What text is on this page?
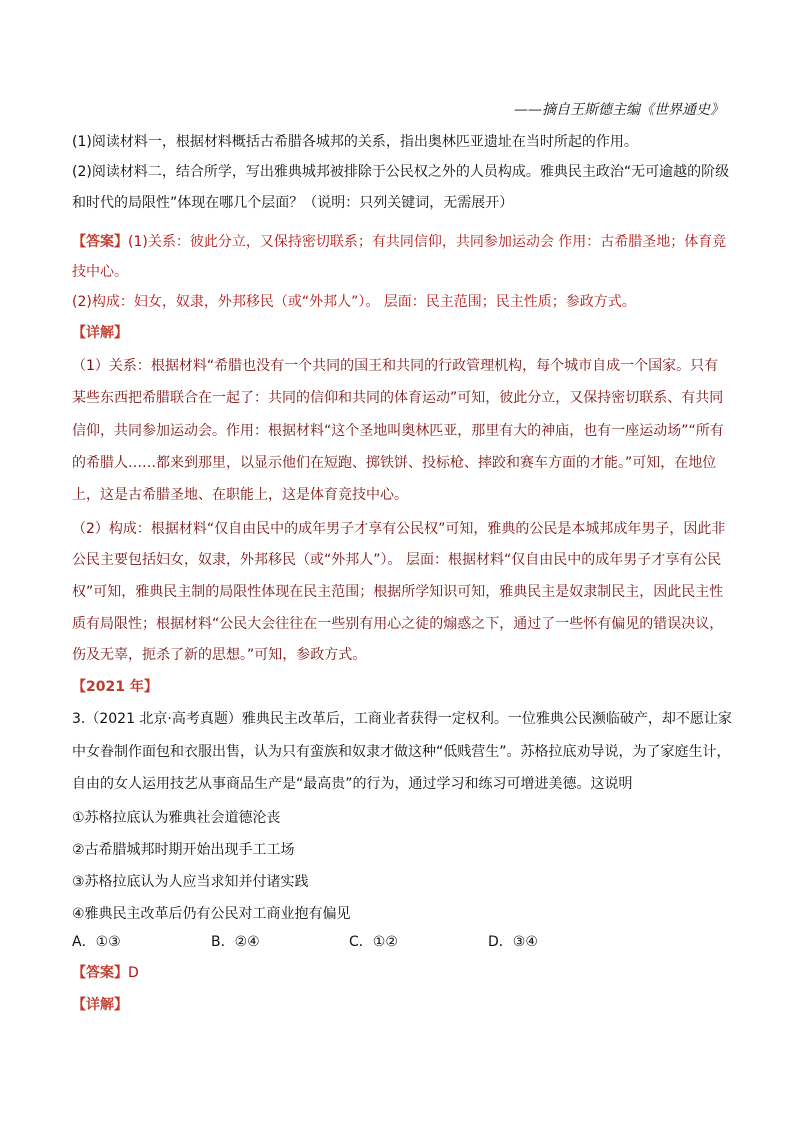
——摘自王斯德主编《世界通史》
(1)阅读材料一，根据材料概括古希腊各城邦的关系，指出奥林匹亚遗址在当时所起的作用。
(2)阅读材料二，结合所学，写出雅典城邦被排除于公民权之外的人员构成。雅典民主政治“无可逾越的阶级
和时代的局限性”体现在哪几个层面？（说明：只列关键词，无需展开）
【答案】(1)关系：彼此分立，又保持密切联系；有共同信仰，共同参加运动会 作用：古希腊圣地；体育竞
技中心。
(2)构成：妇女，奴隶，外邦移民（或“外邦人”）。 层面：民主范围；民主性质；参政方式。
【详解】
（1）关系：根据材料“希腊也没有一个共同的国王和共同的行政管理机构，每个城市自成一个国家。只有
某些东西把希腊联合在一起了：共同的信仰和共同的体育运动”可知，彼此分立，又保持密切联系、有共同
信仰，共同参加运动会。作用：根据材料“这个圣地叫奥林匹亚，那里有大的神庙，也有一座运动场”“所有
的希腊人……都来到那里，以显示他们在短跑、掷铁饼、投标枪、摔跤和赛车方面的才能。”可知，在地位
上，这是古希腊圣地、在职能上，这是体育竞技中心。
（2）构成：根据材料“仅自由民中的成年男子才享有公民权”可知，雅典的公民是本城邦成年男子，因此非
公民主要包括妇女，奴隶，外邦移民（或“外邦人”）。 层面：根据材料“仅自由民中的成年男子才享有公民
权”可知，雅典民主制的局限性体现在民主范围；根据所学知识可知，雅典民主是奴隶制民主，因此民主性
质有局限性；根据材料“公民大会往往在一些别有用心之徒的煽惑之下，通过了一些怀有偏见的错误决议，
伤及无辜，扼杀了新的思想。”可知，参政方式。
【2021 年】
3.（2021 北京·高考真题）雅典民主改革后，工商业者获得一定权利。一位雅典公民濒临破产，却不愿让家
中女眷制作面包和衣服出售，认为只有蛮族和奴隶才做这种“低贱营生”。苏格拉底劝导说，为了家庭生计，
自由的女人运用技艺从事商品生产是“最高贵”的行为，通过学习和练习可增进美德。这说明
①苏格拉底认为雅典社会道德沦丧
②古希腊城邦时期开始出现手工工场
③苏格拉底认为人应当求知并付诸实践
④雅典民主改革后仍有公民对工商业抱有偏见
A．①③	B．②④	C．①②	D．③④
【答案】D
【详解】
